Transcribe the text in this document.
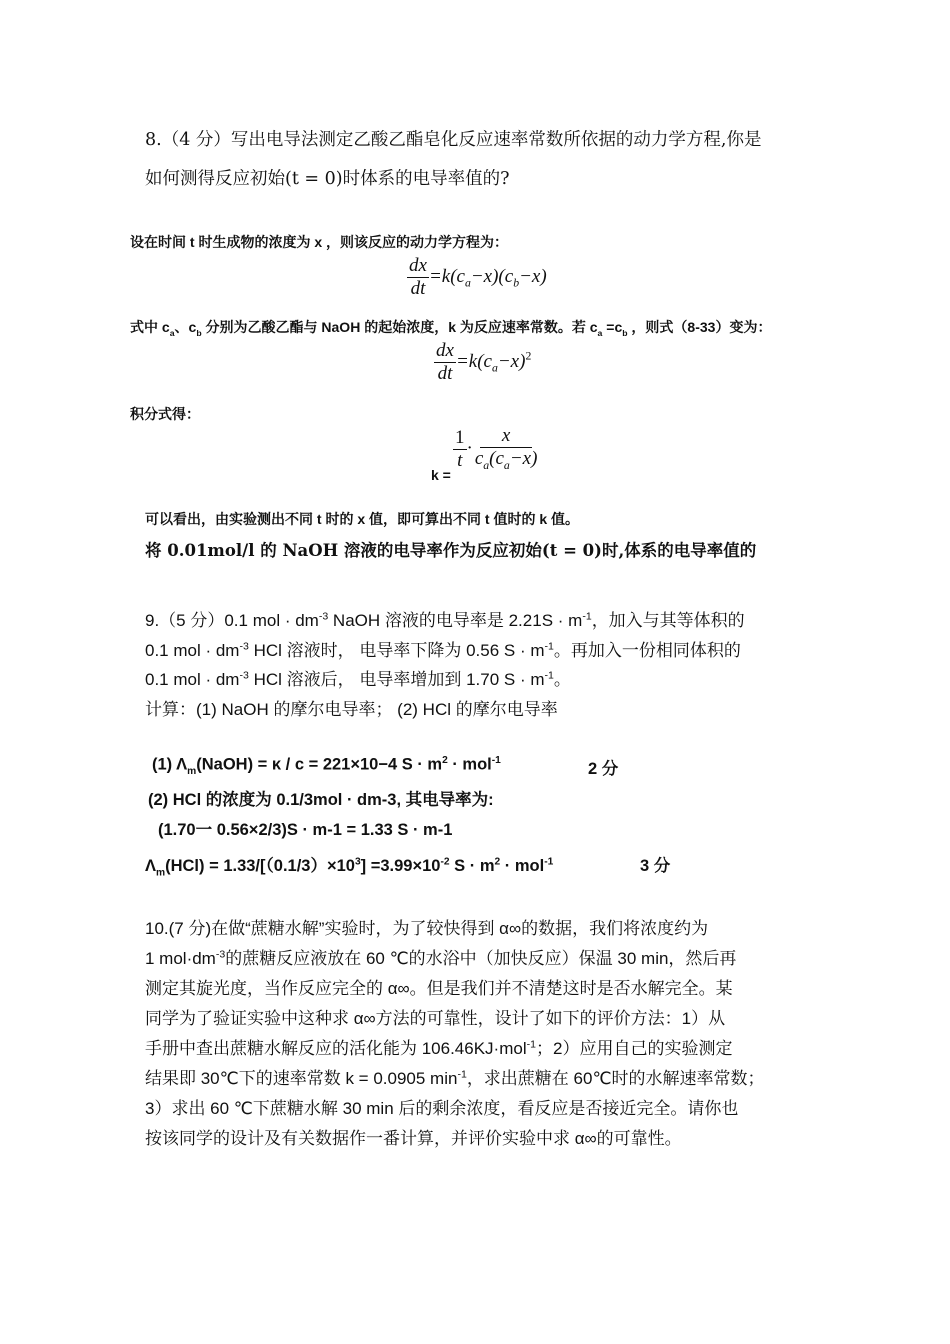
8.（4 分）写出电导法测定乙酸乙酯皂化反应速率常数所依据的动力学方程,你是
如何测得反应初始(t = 0)时体系的电导率值的?
设在时间 t 时生成物的浓度为 x ，则该反应的动力学方程为：
$\frac{dx}{dt} =k(c_a-x)(c_b-x)$
式中 $c_a$、$c_b$ 分别为乙酸乙酯与 NaOH 的起始浓度，k 为反应速率常数。若 $c_a =c_b$ ，则式（8-33）变为：
$\frac{dx}{dt} =k(c_a-x)^2$
积分式得：
k =
$\frac{1}{t} \cdot \frac{x}{c_a(c_a-x)}$
可以看出，由实验测出不同 t 时的 x 值，即可算出不同 t 值时的 k 值。
将 0.01mol/l 的 NaOH 溶液的电导率作为反应初始(t = 0)时,体系的电导率值的
9.（5 分）0.1 mol · $dm^{-3}$ NaOH 溶液的电导率是 $2.21S \cdot m^{-1}$，加入与其等体积的
0.1 mol · $dm^{-3}$ HCl 溶液时， 电导率下降为 0.56 $S \cdot m^{-1}$。再加入一份相同体积的
0.1 mol · $dm^{-3}$ HCl 溶液后， 电导率增加到 1.70 $S \cdot m^{-1}$。
计算：(1) NaOH 的摩尔电导率； (2) HCl 的摩尔电导率
(1) $\Lambda_m(NaOH) = \kappa / c = 221\times 10-4$ $S \cdot m^2 \cdot mol^{-1}$	2 分
(2) HCl 的浓度为 0.1/3mol · dm-3, 其电导率为:
(1.70一 0.56×2/3)S · m-1 = 1.33 S · m-1
$\Lambda_m(HCl) = 1.33/[(0.1/3)\times 10^3] =3.99\times 10^{-2}$ $S \cdot m^2 \cdot mol^{-1}$	3 分
10.(7 分)在做“蔗糖水解”实验时，为了较快得到 α∞的数据，我们将浓度约为
1 $mol\cdot dm^{-3}$的蔗糖反应液放在 60 ℃的水浴中（加快反应）保温 30 min，然后再
测定其旋光度，当作反应完全的 α∞。但是我们并不清楚这时是否水解完全。某
同学为了验证实验中这种求 α∞方法的可靠性，设计了如下的评价方法：1）从
手册中查出蔗糖水解反应的活化能为 106.46KJ·mol$^{-1}$；2）应用自己的实验测定
结果即 30℃下的速率常数 k = 0.0905 $\min^{-1}$，求出蔗糖在 60℃时的水解速率常数；
3）求出 60 ℃下蔗糖水解 30 min 后的剩余浓度，看反应是否接近完全。请你也
按该同学的设计及有关数据作一番计算，并评价实验中求 α∞的可靠性。
